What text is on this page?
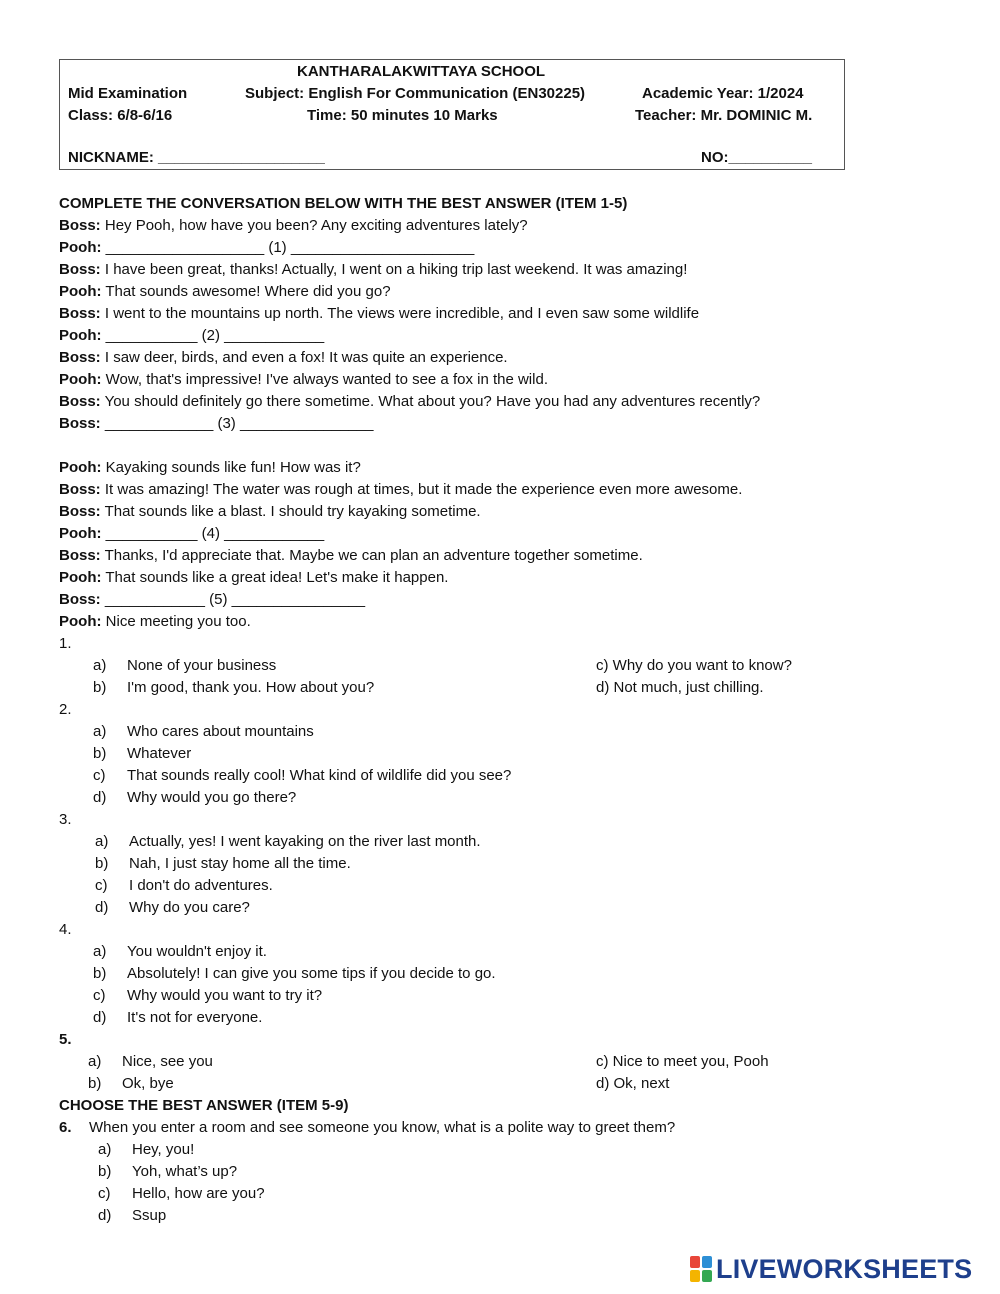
KANTHARALAKWITTAYA SCHOOL
Mid Examination	Subject: English For Communication (EN30225)	Academic Year: 1/2024
Class: 6/8-6/16	Time: 50 minutes 10 Marks	Teacher: Mr. DOMINIC M.
NICKNAME: ____________________	NO:__________
COMPLETE THE CONVERSATION BELOW WITH THE BEST ANSWER (ITEM 1-5)
Boss: Hey Pooh, how have you been? Any exciting adventures lately?
Pooh: ___________________ (1) ______________________
Boss: I have been great, thanks! Actually, I went on a hiking trip last weekend. It was amazing!
Pooh: That sounds awesome! Where did you go?
Boss: I went to the mountains up north. The views were incredible, and I even saw some wildlife
Pooh: ___________ (2) ____________
Boss: I saw deer, birds, and even a fox! It was quite an experience.
Pooh: Wow, that's impressive! I've always wanted to see a fox in the wild.
Boss: You should definitely go there sometime. What about you? Have you had any adventures recently?
Boss: _____________ (3) ________________
Pooh: Kayaking sounds like fun! How was it?
Boss: It was amazing! The water was rough at times, but it made the experience even more awesome.
Boss: That sounds like a blast. I should try kayaking sometime.
Pooh: ___________ (4) ____________
Boss: Thanks, I'd appreciate that. Maybe we can plan an adventure together sometime.
Pooh: That sounds like a great idea! Let's make it happen.
Boss: ____________ (5) ________________
Pooh: Nice meeting you too.
1.
a) None of your business	c) Why do you want to know?
b) I'm good, thank you. How about you?	d) Not much, just chilling.
2.
a) Who cares about mountains
b) Whatever
c) That sounds really cool! What kind of wildlife did you see?
d) Why would you go there?
3.
a) Actually, yes! I went kayaking on the river last month.
b) Nah, I just stay home all the time.
c) I don't do adventures.
d) Why do you care?
4.
a) You wouldn't enjoy it.
b) Absolutely! I can give you some tips if you decide to go.
c) Why would you want to try it?
d) It's not for everyone.
5.
a) Nice, see you	c) Nice to meet you, Pooh
b) Ok, bye	d) Ok, next
CHOOSE THE BEST ANSWER (ITEM 5-9)
6. When you enter a room and see someone you know, what is a polite way to greet them?
a) Hey, you!
b) Yoh, what’s up?
c) Hello, how are you?
d) Ssup
LIVEWORKSHEETS
